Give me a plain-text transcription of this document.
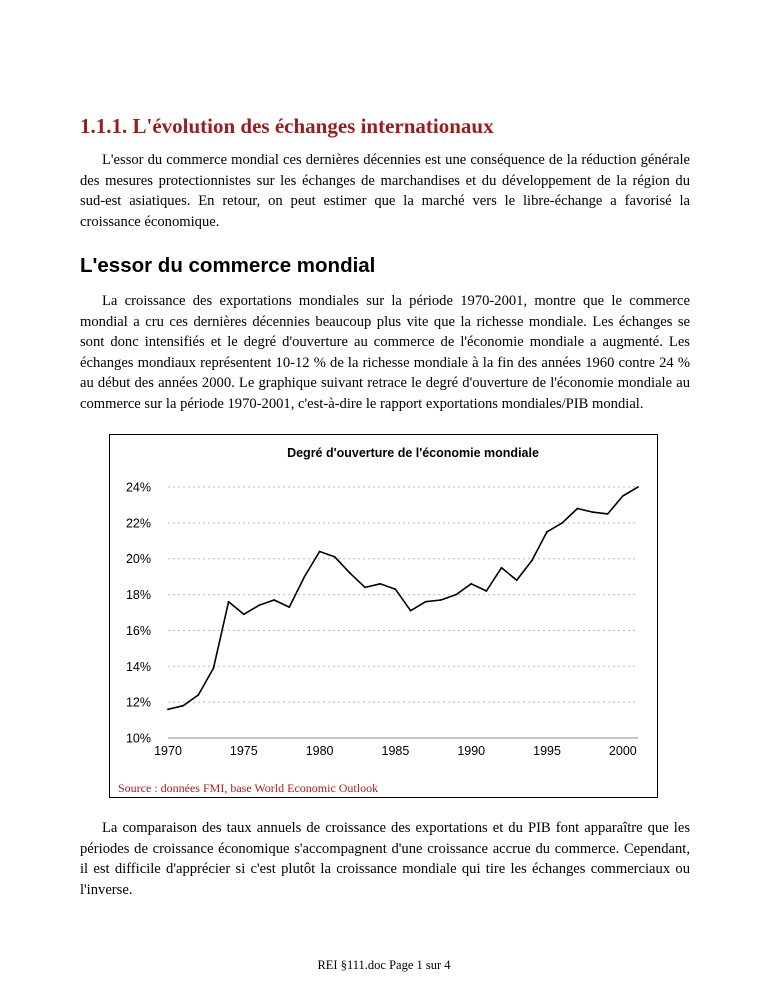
1.1.1. L'évolution des échanges internationaux

L'essor du commerce mondial ces dernières décennies est une conséquence de la réduction générale des mesures protectionnistes sur les échanges de marchandises et du développement de la région du sud-est asiatiques. En retour, on peut estimer que la marché vers le libre-échange a favorisé la croissance économique.

L'essor du commerce mondial

La croissance des exportations mondiales sur la période 1970-2001, montre que le commerce mondial a cru ces dernières décennies beaucoup plus vite que la richesse mondiale. Les échanges se sont donc intensifiés et le degré d'ouverture au commerce de l'économie mondiale a augmenté. Les échanges mondiaux représentent 10-12 % de la richesse mondiale à la fin des années 1960 contre 24 % au début des années 2000. Le graphique suivant retrace le degré d'ouverture de l'économie mondiale au commerce sur la période 1970-2001, c'est-à-dire le rapport exportations mondiales/PIB mondial.

La comparaison des taux annuels de croissance des exportations et du PIB font apparaître que les périodes de croissance économique s'accompagnent d'une croissance accrue du commerce. Cependant, il est difficile d'apprécier si c'est plutôt la croissance mondiale qui tire les échanges commerciaux ou l'inverse.

Degré d'ouverture de l'économie mondiale
10%
12%
14%
16%
18%
20%
22%
24%
1970	1975	1980	1985	1990	1995	2000
Source : données FMI, base World Economic Outlook
REI §111.doc Page 1 sur 4
